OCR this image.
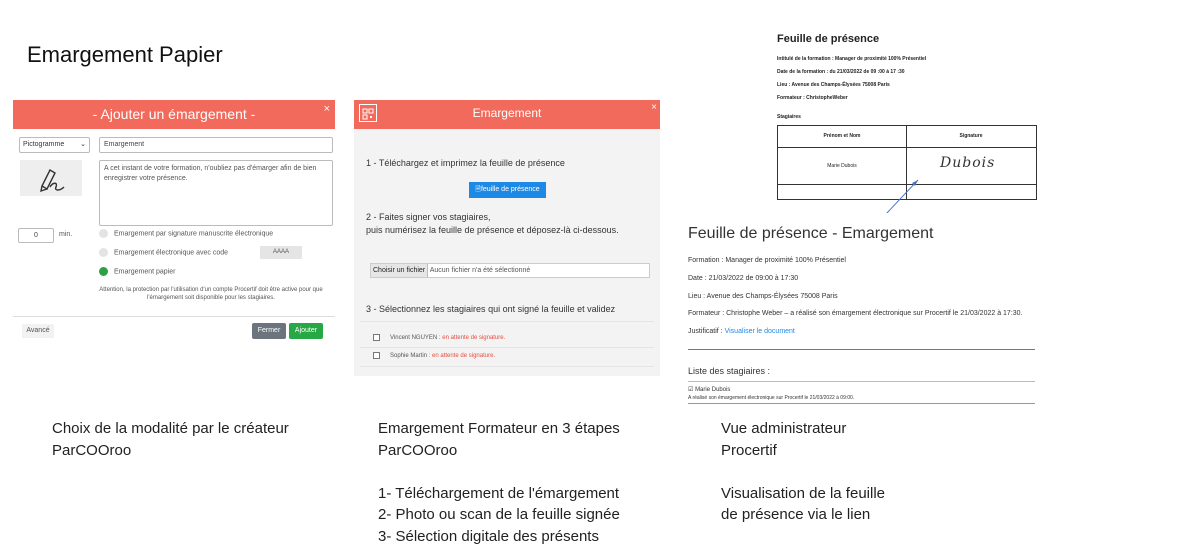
Emargement Papier
- Ajouter un émargement -	×
Pictogramme ⌄	Emargement
A cet instant de votre formation, n'oubliez pas d'émarger afin de bien enregistrer votre présence.
0	min.	Emargement par signature manuscrite électronique
Emargement électronique avec code	AAAA
Emargement papier
Attention, la protection par l'utilisation d'un compte Procertif doit être active pour que l'émargement soit disponible pour les stagiaires.
Avancé	Fermer	Ajouter
Emargement	×
1 - Téléchargez et imprimez la feuille de présence
🗎feuille de présence
2 - Faites signer vos stagiaires,
puis numérisez la feuille de présence et déposez-là ci-dessous.
Choisir un fichier Aucun fichier n'a été sélectionné
3 - Sélectionnez les stagiaires qui ont signé la feuille et validez
Vincent NGUYEN : en attente de signature.
Sophie Martin : en attente de signature.
Feuille de présence
Intitulé de la formation : Manager de proximité 100% Présentiel
Date de la formation : du 21/03/2022 de 09 :00 à 17 :30
Lieu : Avenue des Champs-Élysées 75008 Paris
Formateur : ChristopheWeber
Stagiaires
Prénom et Nom	Signature
Marie Dubois	Dubois
Feuille de présence - Emargement
Formation : Manager de proximité 100% Présentiel
Date : 21/03/2022 de 09:00 à 17:30
Lieu : Avenue des Champs-Élysées 75008 Paris
Formateur : Christophe Weber – a réalisé son émargement électronique sur Procertif le 21/03/2022 à 17:30.
Justificatif : Visualiser le document
Liste des stagiaires :
☑ Marie Dubois
A réalisé son émargement électronique sur Procertif le 21/03/2022 à 09:00.
Choix de la modalité par le créateur
ParCOOroo
Emargement Formateur en 3 étapes
ParCOOroo

1- Téléchargement de l'émargement
2- Photo ou scan de la feuille signée
3- Sélection digitale des présents
Vue administrateur
Procertif

Visualisation de la feuille
de présence via le lien
